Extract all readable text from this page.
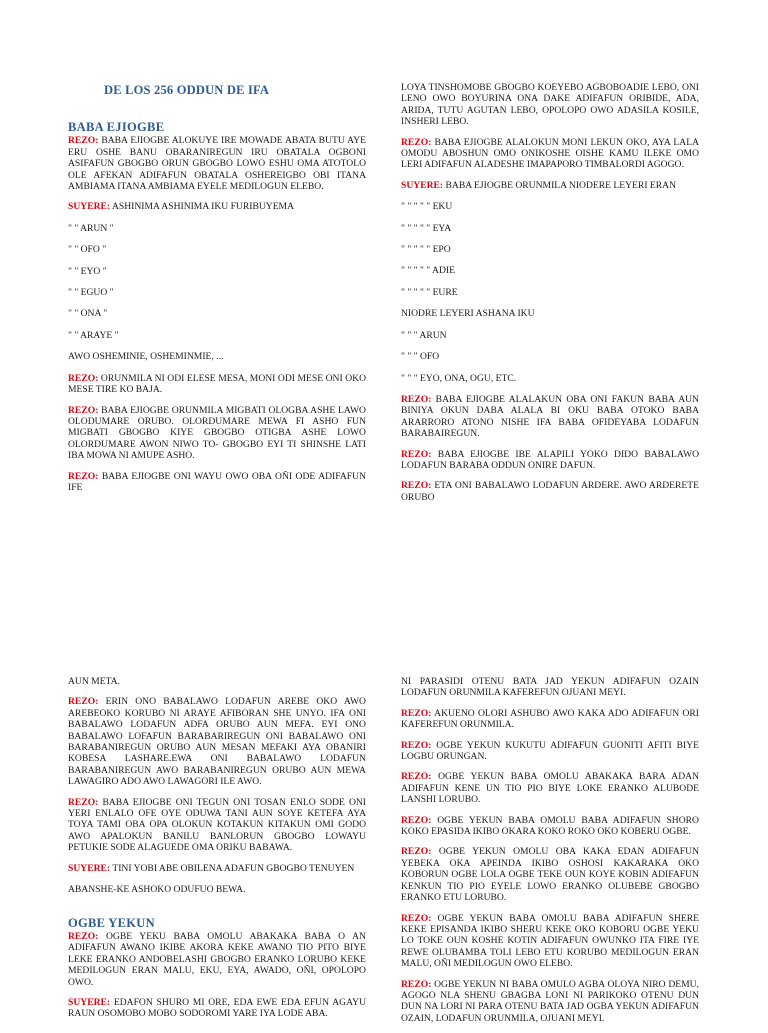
DE LOS 256 ODDUN DE IFA
BABA EJIOGBE

REZO: BABA EJIOGBE ALOKUYE IRE MOWADE ABATA BUTU AYE ERU OSHE BANU OBARANIREGUN IRU OBATALA OGBONI ASIFAFUN GBOGBO ORUN GBOGBO LOWO ESHU OMA ATOTOLO OLE AFEKAN ADIFAFUN OBATALA OSHEREIGBO OBI ITANA AMBIAMA ITANA AMBIAMA EYELE MEDILOGUN ELEBO.

SUYERE: ASHINIMA ASHINIMA IKU FURIBUYEMA

" " ARUN "

" " OFO "

" " EYO "

" " EGUO "

" " ONA "

" " ARAYE "

AWO OSHEMINIE, OSHEMINMIE, ...

REZO: ORUNMILA NI ODI ELESE MESA, MONI ODI MESE ONI OKO MESE TIRE KO BAJA.

REZO: BABA EJIOGBE ORUNMILA MIGBATI OLOGBA ASHE LAWO OLODUMARE ORUBO. OLORDUMARE MEWA FI ASHO FUN MIGBATI GBOGBO KIYE GBOGBO OTIGBA ASHE LOWO OLORDUMARE AWON NIWO TO- GBOGBO EYI TI SHINSHE LATI IBA MOWA NI AMUPE ASHO.

REZO: BABA EJIOGBE ONI WAYU OWO OBA OÑI ODE ADIFAFUN IFE

LOYA TINSHOMOBE GBOGBO KOEYEBO AGBOBOADIE LEBO, ONI LENO OWO BOYURINA ONA DAKE ADIFAFUN ORIBIDE, ADA, ARIDA, TUTU AGUTAN LEBO, OPOLOPO OWO ADASILA KOSILE, INSHERI LEBO.

REZO: BABA EJIOGBE ALALOKUN MONI LEKUN OKO, AYA LALA OMODU ABOSHUN OMO ONIKOSHE OISHE KAMU ILEKE OMO LERI ADIFAFUN ALADESHE IMAPAPORO TIMBALORDI AGOGO.

SUYERE: BABA EJIOGBE ORUNMILA NIODERE LEYERI ERAN

" " " " " EKU

" " " " " EYA

" " " " " EPO

" " " " " ADIE

" " " " " EURE

NIODRE LEYERI ASHANA IKU

" " " ARUN

" " " OFO

" " " EYO, ONA, OGU, ETC.

REZO: BABA EJIOGBE ALALAKUN OBA ONI FAKUN BABA AUN BINIYA OKUN DABA ALALA BI OKU BABA OTOKO BABA ARARRORO ATONO NISHE IFA BABA OFIDEYABA LODAFUN BARABAIREGUN.

REZO: BABA EJIOGBE IBE ALAPILI YOKO DIDO BABALAWO LODAFUN BARABA ODDUN ONIRE DAFUN.

REZO: ETA ONI BABALAWO LODAFUN ARDERE. AWO ARDERETE ORUBO

AUN META.

REZO: ERIN ONO BABALAWO LODAFUN AREBE OKO AWO AREBEOKO KORUBO NI ARAYE AFIBORAN SHE UNYO. IFA ONI BABALAWO LODAFUN ADFA ORUBO AUN MEFA. EYI ONO BABALAWO LOFAFUN BARABARIREGUN ONI BABALAWO ONI BARABANIREGUN ORUBO AUN MESAN MEFAKI AYA OBANIRI KOBESA LASHARE.EWA ONI BABALAWO LODAFUN BARABANIREGUN AWO BARABANIREGUN ORUBO AUN MEWA LAWAGIRO ADO AWO LAWAGORI ILE AWO.

REZO: BABA EJIOGBE ONI TEGUN ONI TOSAN ENLO SODE ONI YERI ENLALO OFE OYE ODUWA TANI AUN SOYE KETEFA AYA TOYA TAMI OBA OPA OLOKUN KOTAKUN KITAKUN OMI GODO AWO APALOKUN BANILU BANLORUN GBOGBO LOWAYU PETUKIE SODE ALAGUEDE OMA ORIKU BABAWA.

SUYERE: TINI YOBI ABE OBILENA ADAFUN GBOGBO TENUYEN

ABANSHE-KE ASHOKO ODUFUO BEWA.

OGBE YEKUN

REZO: OGBE YEKU BABA OMOLU ABAKAKA BABA O AN ADIFAFUN AWANO IKIBE AKORA KEKE AWANO TIO PITO BIYE LEKE ERANKO ANDOBELASHI GBOGBO ERANKO LORUBO KEKE MEDILOGUN ERAN MALU, EKU, EYA, AWADO, OÑI, OPOLOPO OWO.

SUYERE: EDAFON SHURO MI ORE, EDA EWE EDA EFUN AGAYU RAUN OSOMOBO MOBO SODOROMI YARE IYA LODE ABA.

NI PARASIDI OTENU BATA JAD YEKUN ADIFAFUN OZAIN LODAFUN ORUNMILA KAFEREFUN OJUANI MEYI.

REZO: AKUENO OLORI ASHUBO AWO KAKA ADO ADIFAFUN ORI KAFEREFUN ORUNMILA.

REZO: OGBE YEKUN KUKUTU ADIFAFUN GUONITI AFITI BIYE LOGBU ORUNGAN.

REZO: OGBE YEKUN BABA OMOLU ABAKAKA BARA ADAN ADIFAFUN KENE UN TIO PIO BIYE LOKE ERANKO ALUBODE LANSHI LORUBO.

REZO: OGBE YEKUN BABA OMOLU BABA ADIFAFUN SHORO KOKO EPASIDA IKIBO OKARA KOKO ROKO OKO KOBERU OGBE.

REZO: OGBE YEKUN OMOLU OBA KAKA EDAN ADIFAFUN YEBEKA OKA APEINDA IKIBO OSHOSI KAKARAKA OKO KOBORUN OGBE LOLA OGBE TEKE OUN KOYE KOBIN ADIFAFUN KENKUN TIO PIO EYELE LOWO ERANKO OLUBEBE GBOGBO ERANKO ETU LORUBO.

REZO: OGBE YEKUN BABA OMOLU BABA ADIFAFUN SHERE KEKE EPISANDA IKIBO SHERU KEKE OKO KOBORU OGBE YEKU LO TOKE OUN KOSHE KOTIN ADIFAFUN OWUNKO ITA FIRE IYE REWE OLUBAMBA TOLI LEBO ETU KORUBO MEDILOGUN ERAN MALU, OÑI MEDILOGUN OWO ELEBO.

REZO: OGBE YEKUN NI BABA OMULO AGBA OLOYA NIRO DEMU, AGOGO NLA SHENU GBAGBA LONI NI PARIKOKO OTENU DUN DUN NA LORI NI PARA OTENU BATA JAD OGBA YEKUN ADIFAFUN OZAIN, LODAFUN ORUNMILA, OJUANI MEYI.
